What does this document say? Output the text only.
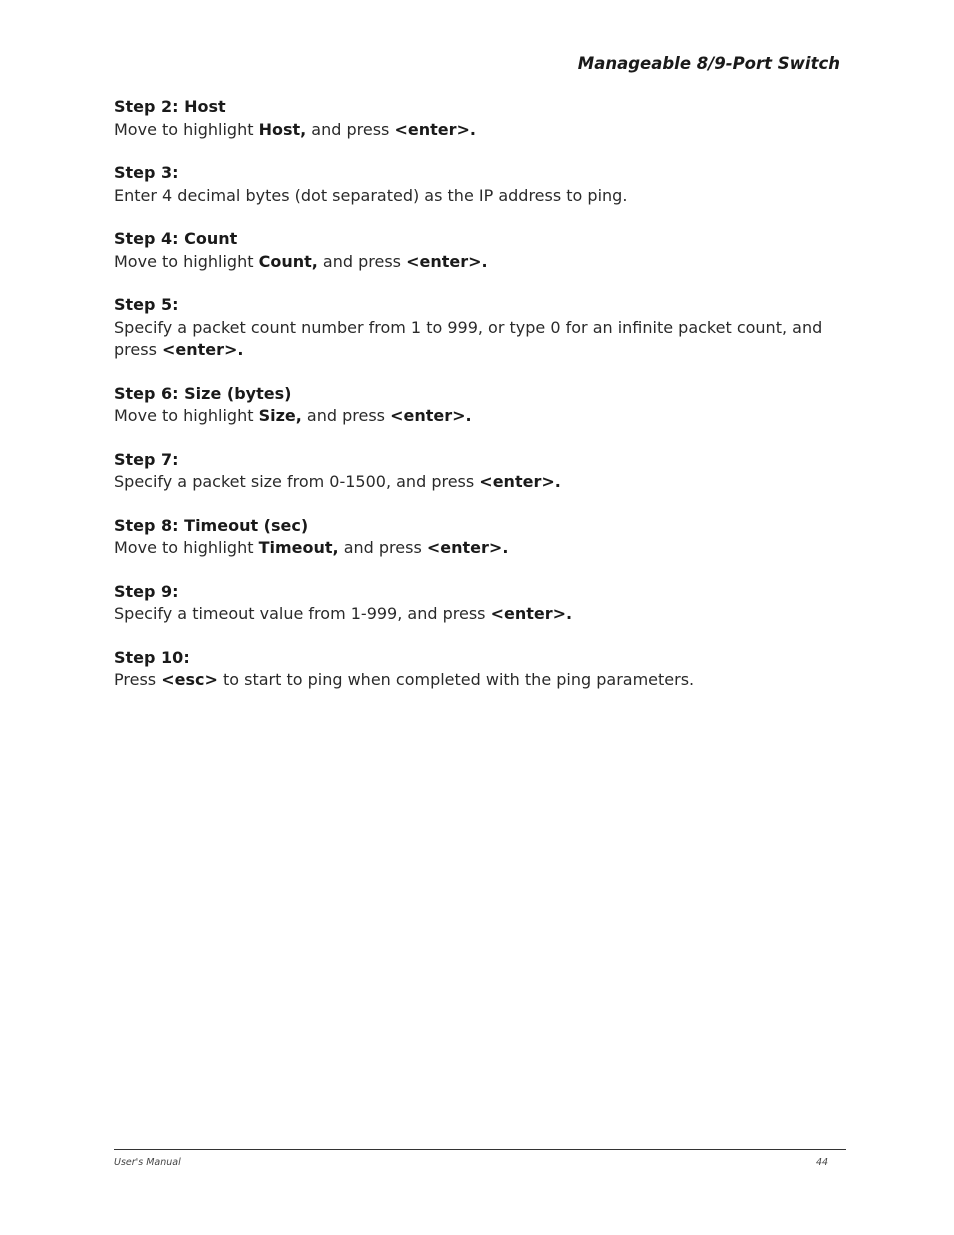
Manageable 8/9-Port Switch

Step 2: Host

Move to highlight Host, and press <enter>.

Step 3:

Enter 4 decimal bytes (dot separated) as the IP address to ping.

Step 4: Count

Move to highlight Count, and press <enter>.

Step 5:

Specify a packet count number from 1 to 999, or type 0 for an infinite packet count, and press <enter>.

Step 6: Size (bytes)

Move to highlight Size, and press <enter>.

Step 7:

Specify a packet size from 0-1500, and press <enter>.

Step 8: Timeout (sec)

Move to highlight Timeout, and press <enter>.

Step 9:

Specify a timeout value from 1-999, and press <enter>.

Step 10:

Press <esc> to start to ping when completed with the ping parameters.

User's Manual	44
